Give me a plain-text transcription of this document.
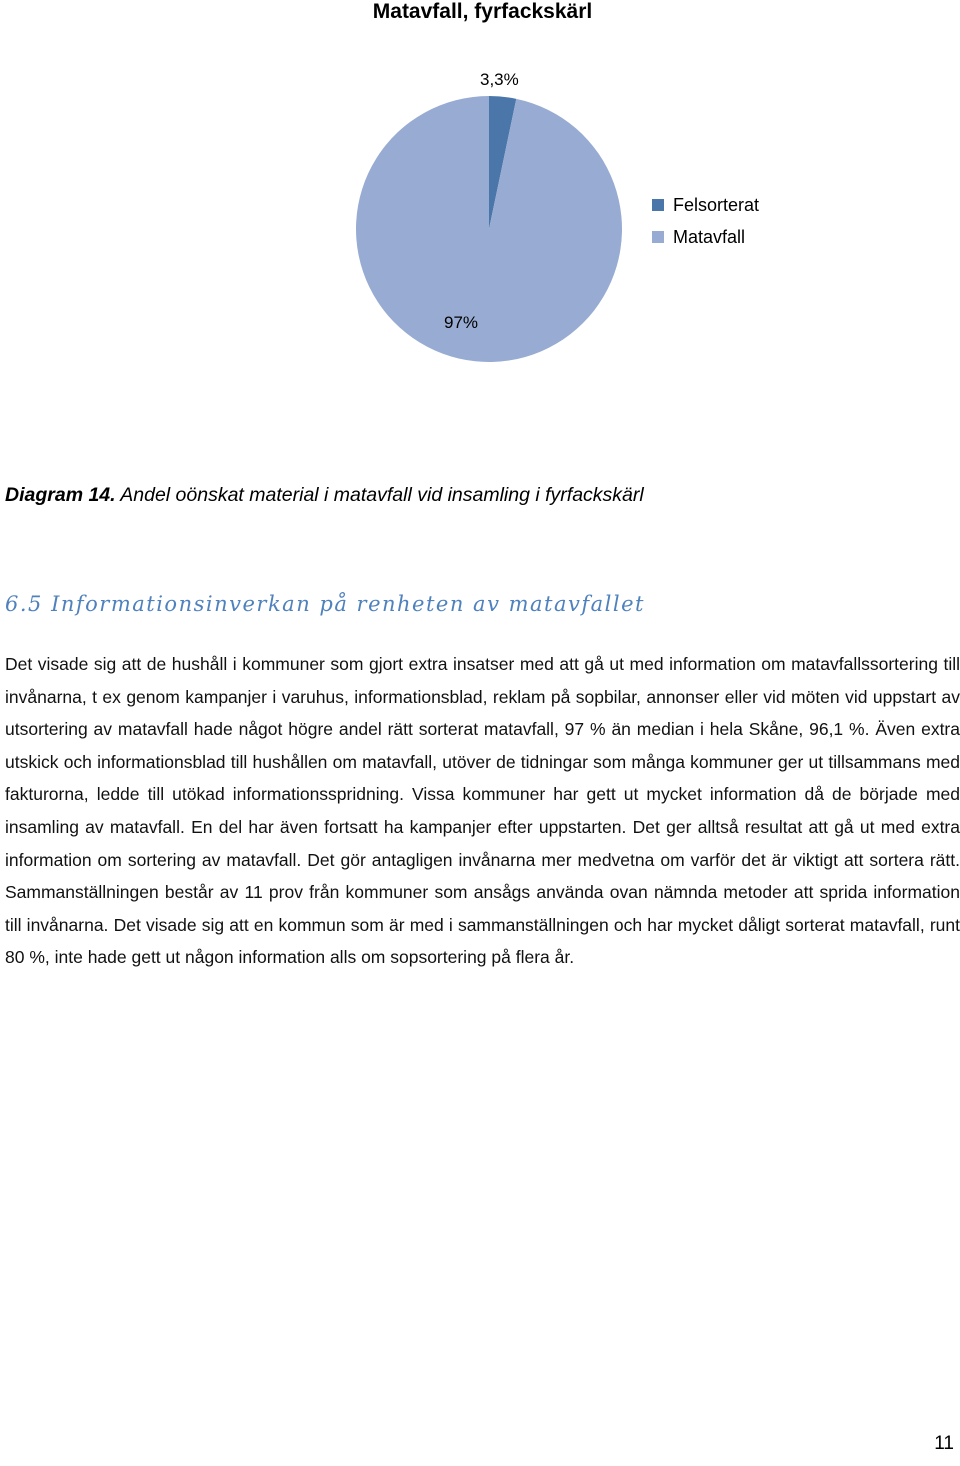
Matavfall, fyrfackskärl
3,3%
97%
Felsorterat
Matavfall
Diagram 14. Andel oönskat material i matavfall vid insamling i fyrfackskärl
6.5 Informationsinverkan på renheten av matavfallet

Det visade sig att de hushåll i kommuner som gjort extra insatser med att gå ut med information om matavfallssortering till invånarna, t ex genom kampanjer i varuhus, informationsblad, reklam på sopbilar, annonser eller vid möten vid uppstart av utsortering av matavfall hade något högre andel rätt sorterat matavfall, 97 % än median i hela Skåne, 96,1 %. Även extra utskick och informationsblad till hushållen om matavfall, utöver de tidningar som många kommuner ger ut tillsammans med fakturorna, ledde till utökad informationsspridning. Vissa kommuner har gett ut mycket information då de började med insamling av matavfall. En del har även fortsatt ha kampanjer efter uppstarten. Det ger alltså resultat att gå ut med extra information om sortering av matavfall. Det gör antagligen invånarna mer medvetna om varför det är viktigt att sortera rätt. Sammanställningen består av 11 prov från kommuner som ansågs använda ovan nämnda metoder att sprida information till invånarna. Det visade sig att en kommun som är med i sammanställningen och har mycket dåligt sorterat matavfall, runt 80 %, inte hade gett ut någon information alls om sopsortering på flera år.

11
